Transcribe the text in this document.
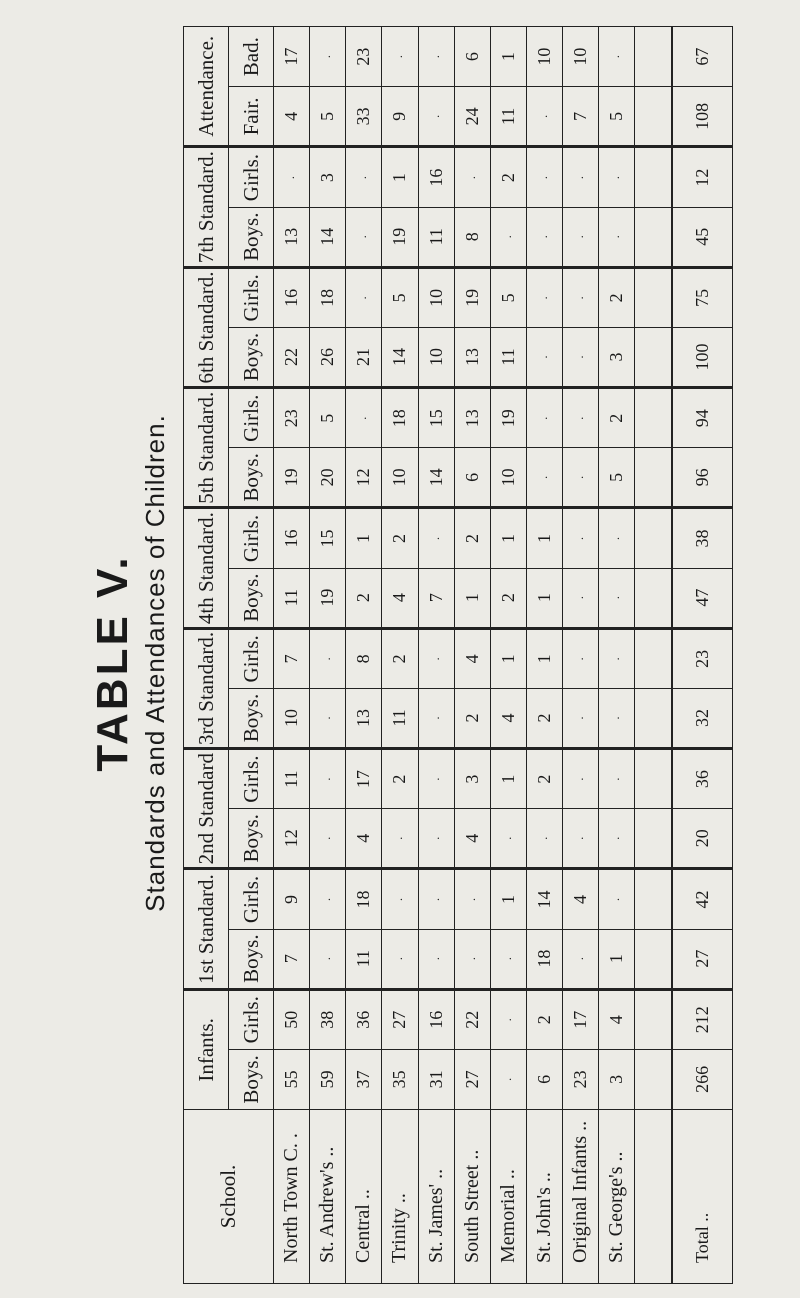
TABLE V. Standards and Attendances of Children.
School.	Infants.		1st Standard.		2nd Standard		3rd Standard.		4th Standard.		5th Standard.		6th Standard.		7th Standard.		Attendance.	
	Boys.	Girls.	Boys.	Girls.	Boys.	Girls.	Boys.	Girls.	Boys.	Girls.	Boys.	Girls.	Boys.	Girls.	Boys.	Girls.	Fair.	Bad.
North Town C. .	55	50	7	9	12	11	10	7	11	16	19	23	22	16	13	·	4	17
St. Andrew's ..	59	38	·	·	·	·	·	·	19	15	20	5	26	18	14	3	5	·
Central ..	37	36	11	18	4	17	13	8	2	1	12	·	21	·	·	·	33	23
Trinity ..	35	27	·	·	·	2	11	2	4	2	10	18	14	5	19	1	9	·
St. James' ..	31	16	·	·	·	·	·	·	7	·	14	15	10	10	11	16	·	·
South Street ..	27	22	·	·	4	3	2	4	1	2	6	13	13	19	8	·	24	6
Memorial ..	·	·	·	1	·	1	4	1	2	1	10	19	11	5	·	2	11	1
St. John's ..	6	2	18	14	·	2	2	1	1	1	·	·	·	·	·	·	·	10
Original Infants ..	23	17	·	4	·	·	·	·	·	·	·	·	·	·	·	·	7	10
St. George's ..	3	4	1	·	·	·	·	·	·	·	5	2	3	2	·	·	5	·

Total ..	266	212	27	42	20	36	32	23	47	38	96	94	100	75	45	12	108	67
